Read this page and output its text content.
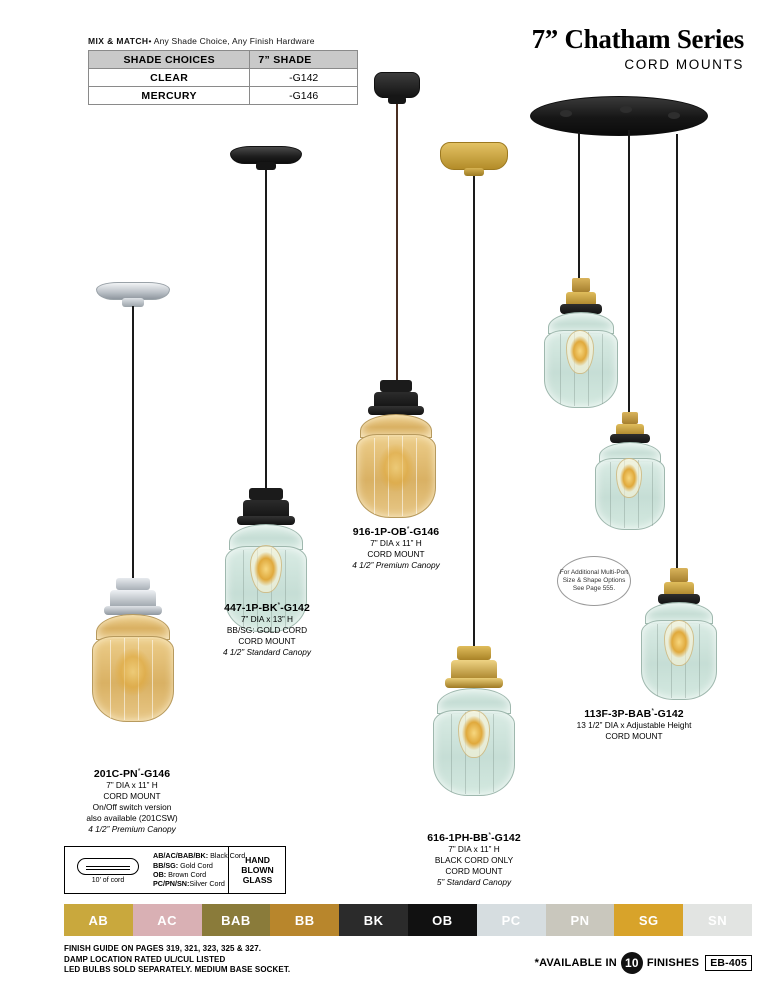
MIX & MATCH• Any Shade Choice, Any Finish Hardware
SHADE CHOICES	7” SHADE
CLEAR	-G142
MERCURY	-G146
7” Chatham Series
CORD MOUNTS
201C-PN*-G146
7” DIA x 11” H
CORD MOUNT
On/Off switch version
also available (201CSW)
4 1/2” Premium Canopy
447-1P-BK*-G142
7” DIA x 13” H
BB/SG: GOLD CORD
CORD MOUNT
4 1/2” Standard Canopy
916-1P-OB*-G146
7” DIA x 11” H
CORD MOUNT
4 1/2” Premium Canopy
616-1PH-BB*-G142
7” DIA x 11” H
BLACK CORD ONLY
CORD MOUNT
5” Standard Canopy
For Additional Multi-Port Size & Shape Options See Page 555.
113F-3P-BAB*-G142
13 1/2” DIA x Adjustable Height
CORD MOUNT
10’ of cord
AB/AC/BAB/BK: Black Cord
BB/SG: Gold Cord
OB: Brown Cord
PC/PN/SN:Silver Cord
HAND
BLOWN
GLASS
AB	AC	BAB	BB	BK	OB	PC	PN	SG	SN
FINISH GUIDE ON PAGES 319, 321, 323, 325 & 327.
DAMP LOCATION RATED UL/CUL LISTED
LED BULBS SOLD SEPARATELY. MEDIUM BASE SOCKET.
*AVAILABLE IN 10 FINISHES	EB-405
